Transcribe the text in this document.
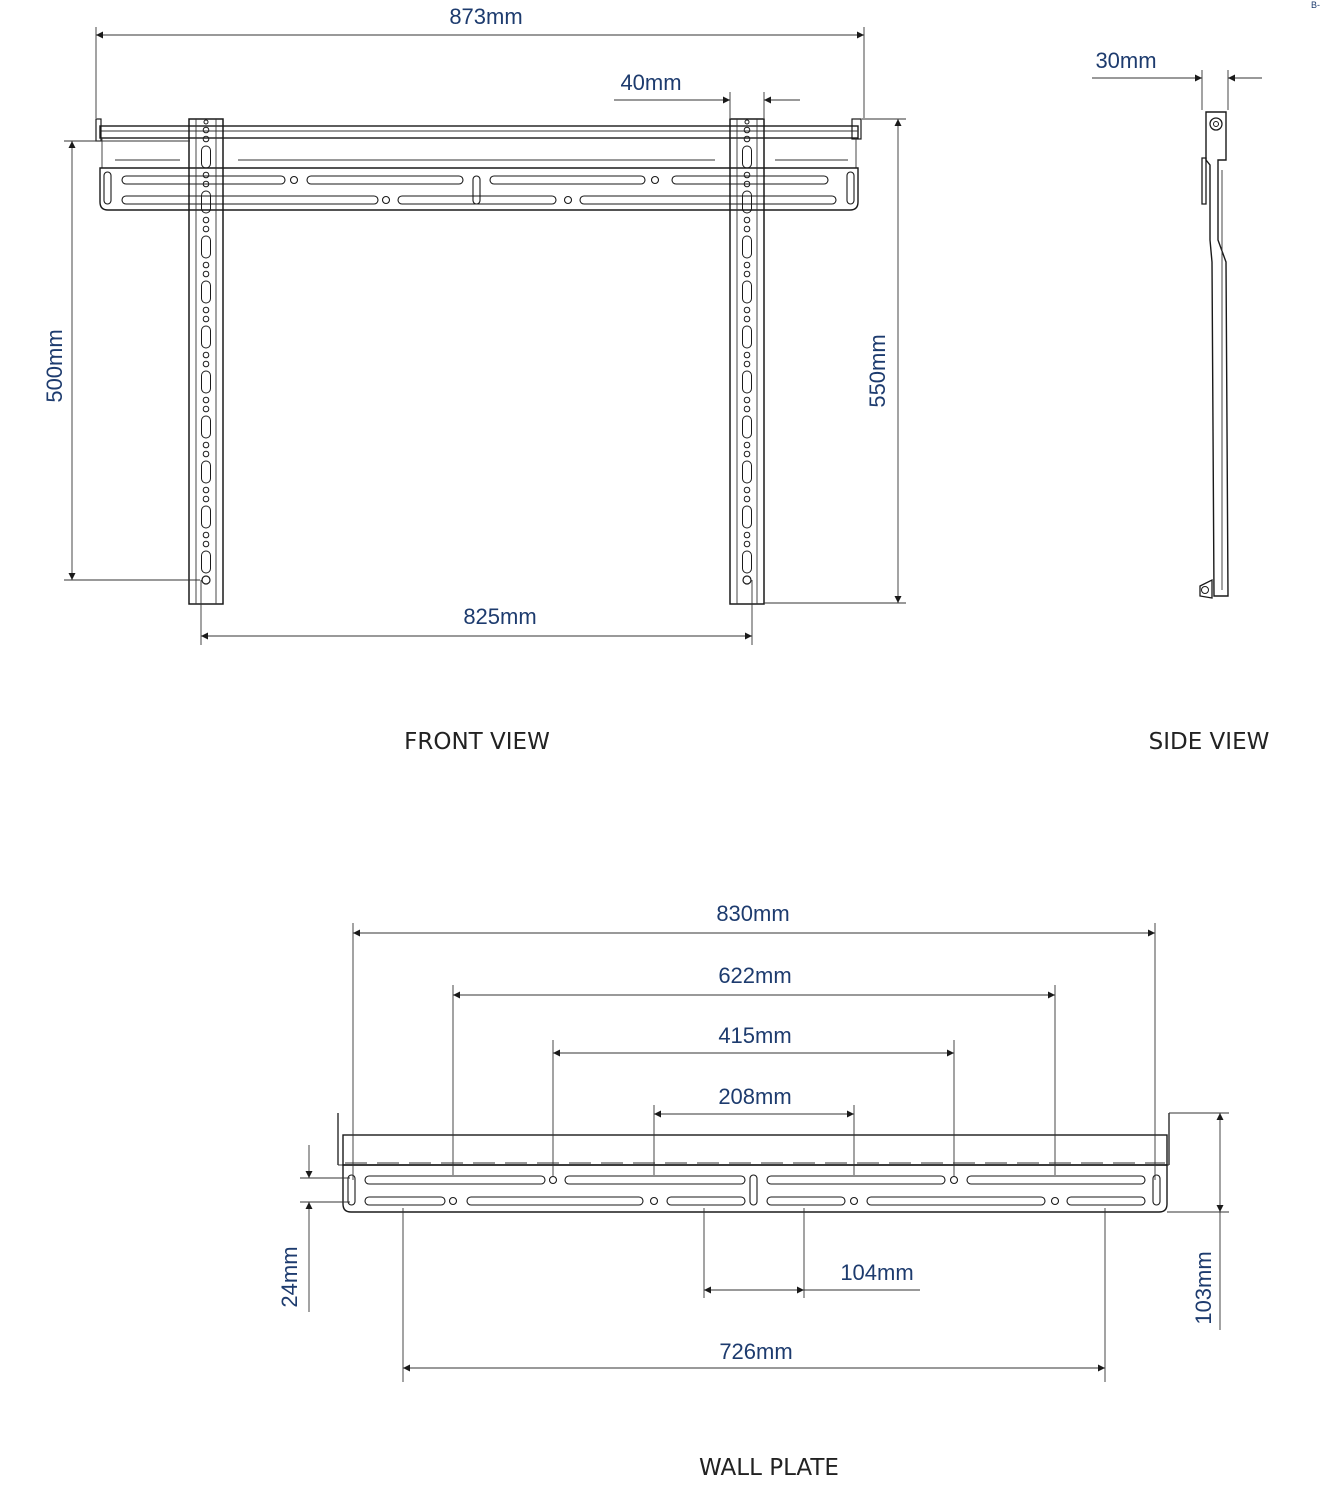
B-
873mm
40mm
500mm	550mm
825mm
FRONT VIEW
30mm
SIDE VIEW
830mm
622mm
415mm
208mm
104mm
726mm
24mm	103mm
WALL PLATE
